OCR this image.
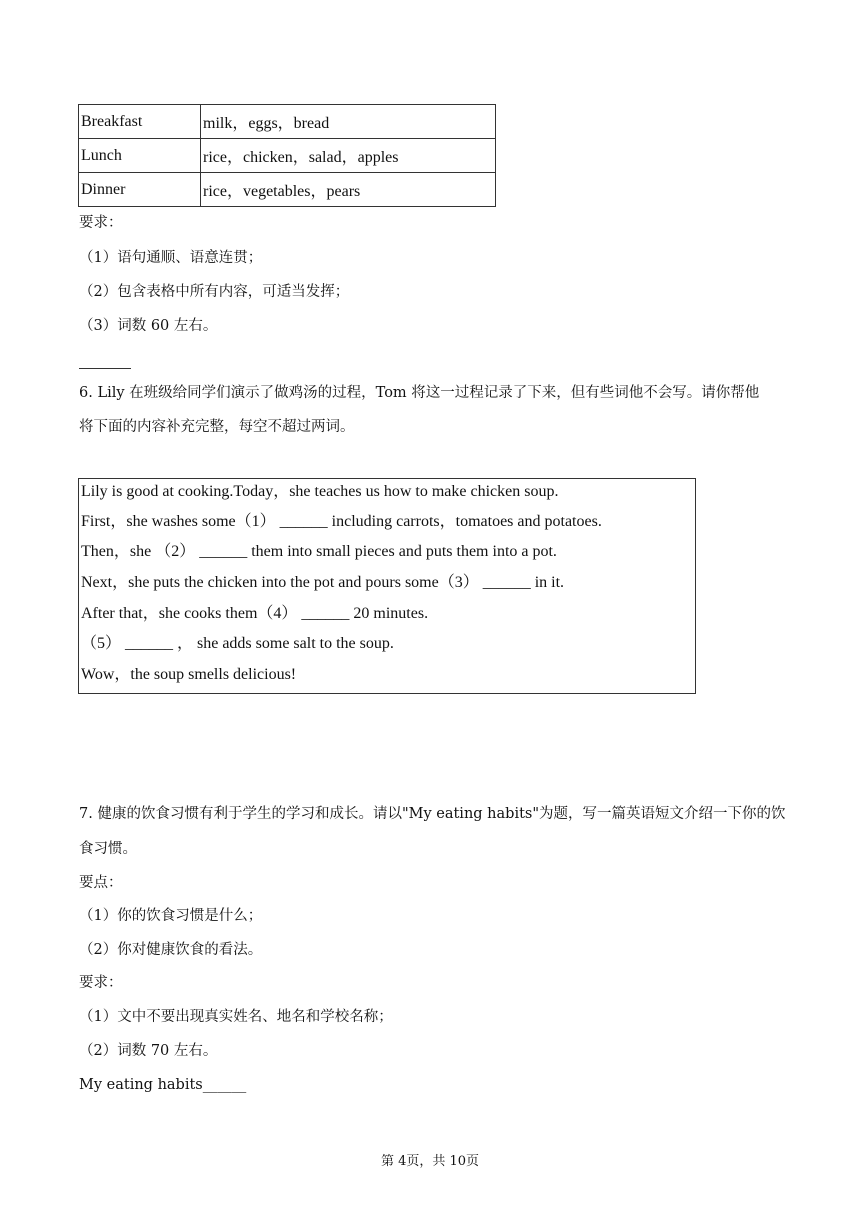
Breakfast	milk，eggs，bread
Lunch	rice，chicken，salad，apples
Dinner	rice，vegetables，pears
要求：
（1）语句通顺、语意连贯；
（2）包含表格中所有内容，可适当发挥；
（3）词数 60 左右。
6. Lily 在班级给同学们演示了做鸡汤的过程，Tom 将这一过程记录了下来，但有些词他不会写。请你帮他
将下面的内容补充完整，每空不超过两词。
Lily is good at cooking.Today，she teaches us how to make chicken soup.
First，she washes some（1） ______ including carrots，tomatoes and potatoes.
Then，she （2） ______ them into small pieces and puts them into a pot.
Next，she puts the chicken into the pot and pours some（3） ______ in it.
After that，she cooks them（4） ______ 20 minutes.
（5） ______ ， she adds some salt to the soup.
Wow，the soup smells delicious!
7. 健康的饮食习惯有利于学生的学习和成长。请以"My eating habits"为题，写一篇英语短文介绍一下你的饮
食习惯。
要点：
（1）你的饮食习惯是什么；
（2）你对健康饮食的看法。
要求：
（1）文中不要出现真实姓名、地名和学校名称；
（2）词数 70 左右。
My eating habits______
第 4页，共 10页
